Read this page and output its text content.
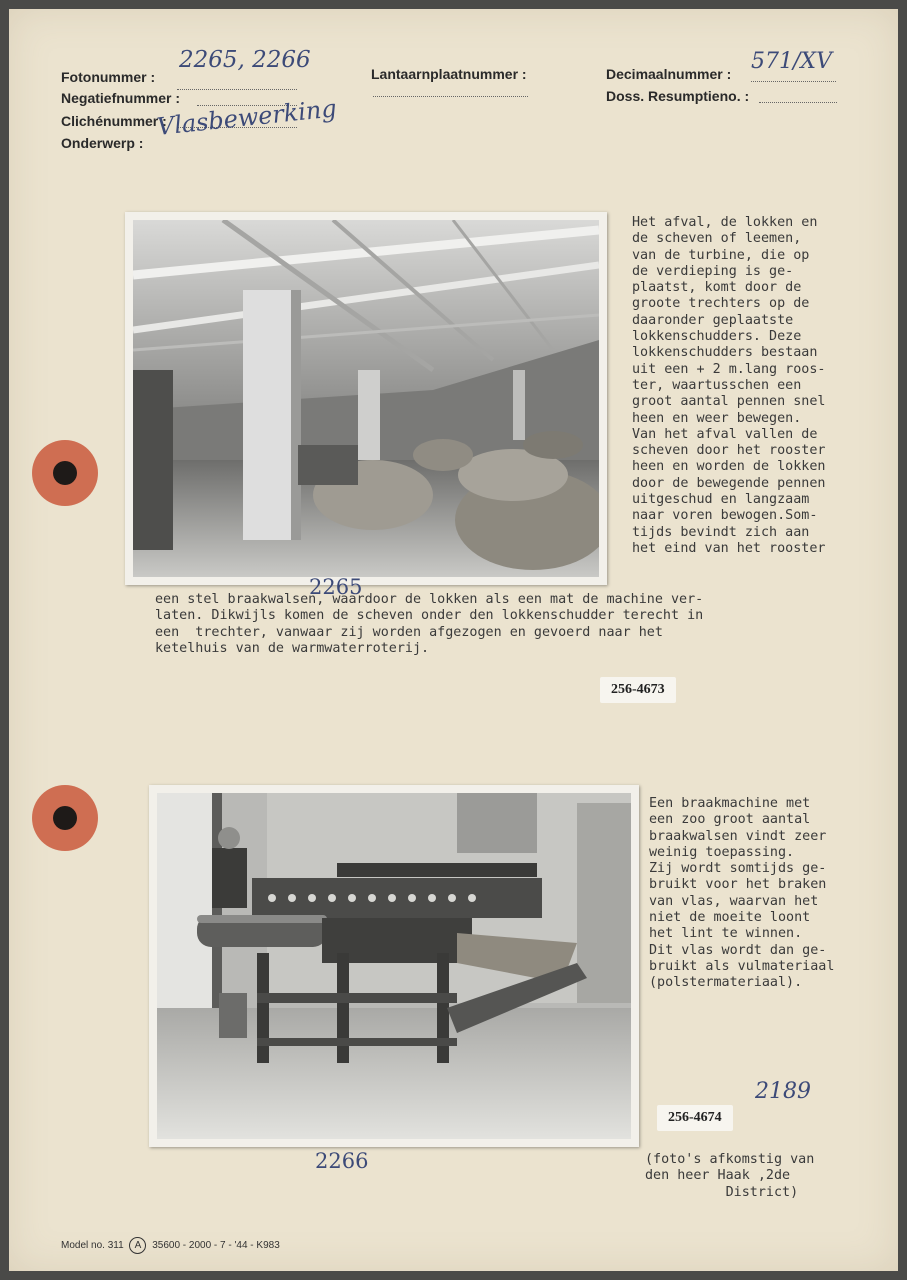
Fotonummer :
2265, 2266
Negatiefnummer :
Clichénummer :
Onderwerp :
Vlasbewerking
Lantaarnplaatnummer :	Decimaalnummer : 571/XV
Doss. Resumptieno. :
2265
Het afval, de lokken en
de scheven of leemen,
van de turbine, die op
de verdieping is ge-
plaatst, komt door de
groote trechters op de
daaronder geplaatste
lokkenschudders. Deze
lokkenschudders bestaan
uit een + 2 m.lang roos-
ter, waartusschen een
groot aantal pennen snel
heen en weer bewegen.
Van het afval vallen de
scheven door het rooster
heen en worden de lokken
door de bewegende pennen
uitgeschud en langzaam
naar voren bewogen.Som-
tijds bevindt zich aan
het eind van het rooster
een stel braakwalsen, waardoor de lokken als een mat de machine ver-
laten. Dikwijls komen de scheven onder den lokkenschudder terecht in
een  trechter, vanwaar zij worden afgezogen en gevoerd naar het
ketelhuis van de warmwaterroterij.
256-4673
2266
Een braakmachine met
een zoo groot aantal
braakwalsen vindt zeer
weinig toepassing.
Zij wordt somtijds ge-
bruikt voor het braken
van vlas, waarvan het
niet de moeite loont
het lint te winnen.
Dit vlas wordt dan ge-
bruikt als vulmateriaal
(polstermateriaal).
2189
256-4674
(foto's afkomstig van
den heer Haak ,2de
District)
Model no. 311 A 35600 - 2000 - 7 - '44 - K983
